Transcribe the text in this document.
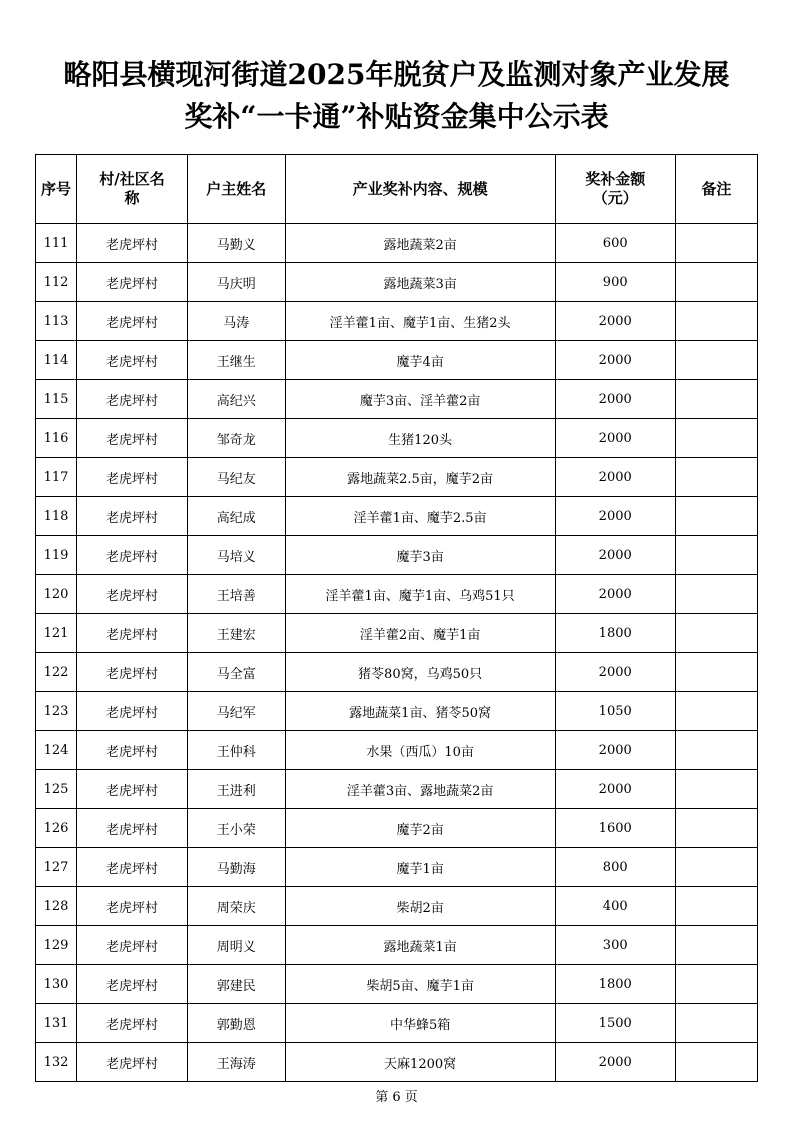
略阳县横现河街道2025年脱贫户及监测对象产业发展
奖补“一卡通”补贴资金集中公示表
序号	村/社区名称	户主姓名	产业奖补内容、规模	奖补金额（元）	备注
111	老虎坪村	马勤义	露地蔬菜2亩	600	
112	老虎坪村	马庆明	露地蔬菜3亩	900	
113	老虎坪村	马涛	淫羊藿1亩、魔芋1亩、生猪2头	2000	
114	老虎坪村	王继生	魔芋4亩	2000	
115	老虎坪村	高纪兴	魔芋3亩、淫羊藿2亩	2000	
116	老虎坪村	邹奇龙	生猪120头	2000	
117	老虎坪村	马纪友	露地蔬菜2.5亩，魔芋2亩	2000	
118	老虎坪村	高纪成	淫羊藿1亩、魔芋2.5亩	2000	
119	老虎坪村	马培义	魔芋3亩	2000	
120	老虎坪村	王培善	淫羊藿1亩、魔芋1亩、乌鸡51只	2000	
121	老虎坪村	王建宏	淫羊藿2亩、魔芋1亩	1800	
122	老虎坪村	马全富	猪苓80窝，乌鸡50只	2000	
123	老虎坪村	马纪军	露地蔬菜1亩、猪苓50窝	1050	
124	老虎坪村	王仲科	水果（西瓜）10亩	2000	
125	老虎坪村	王进利	淫羊藿3亩、露地蔬菜2亩	2000	
126	老虎坪村	王小荣	魔芋2亩	1600	
127	老虎坪村	马勤海	魔芋1亩	800	
128	老虎坪村	周荣庆	柴胡2亩	400	
129	老虎坪村	周明义	露地蔬菜1亩	300	
130	老虎坪村	郭建民	柴胡5亩、魔芋1亩	1800	
131	老虎坪村	郭勤恩	中华蜂5箱	1500	
132	老虎坪村	王海涛	天麻1200窝	2000	
第 6 页
